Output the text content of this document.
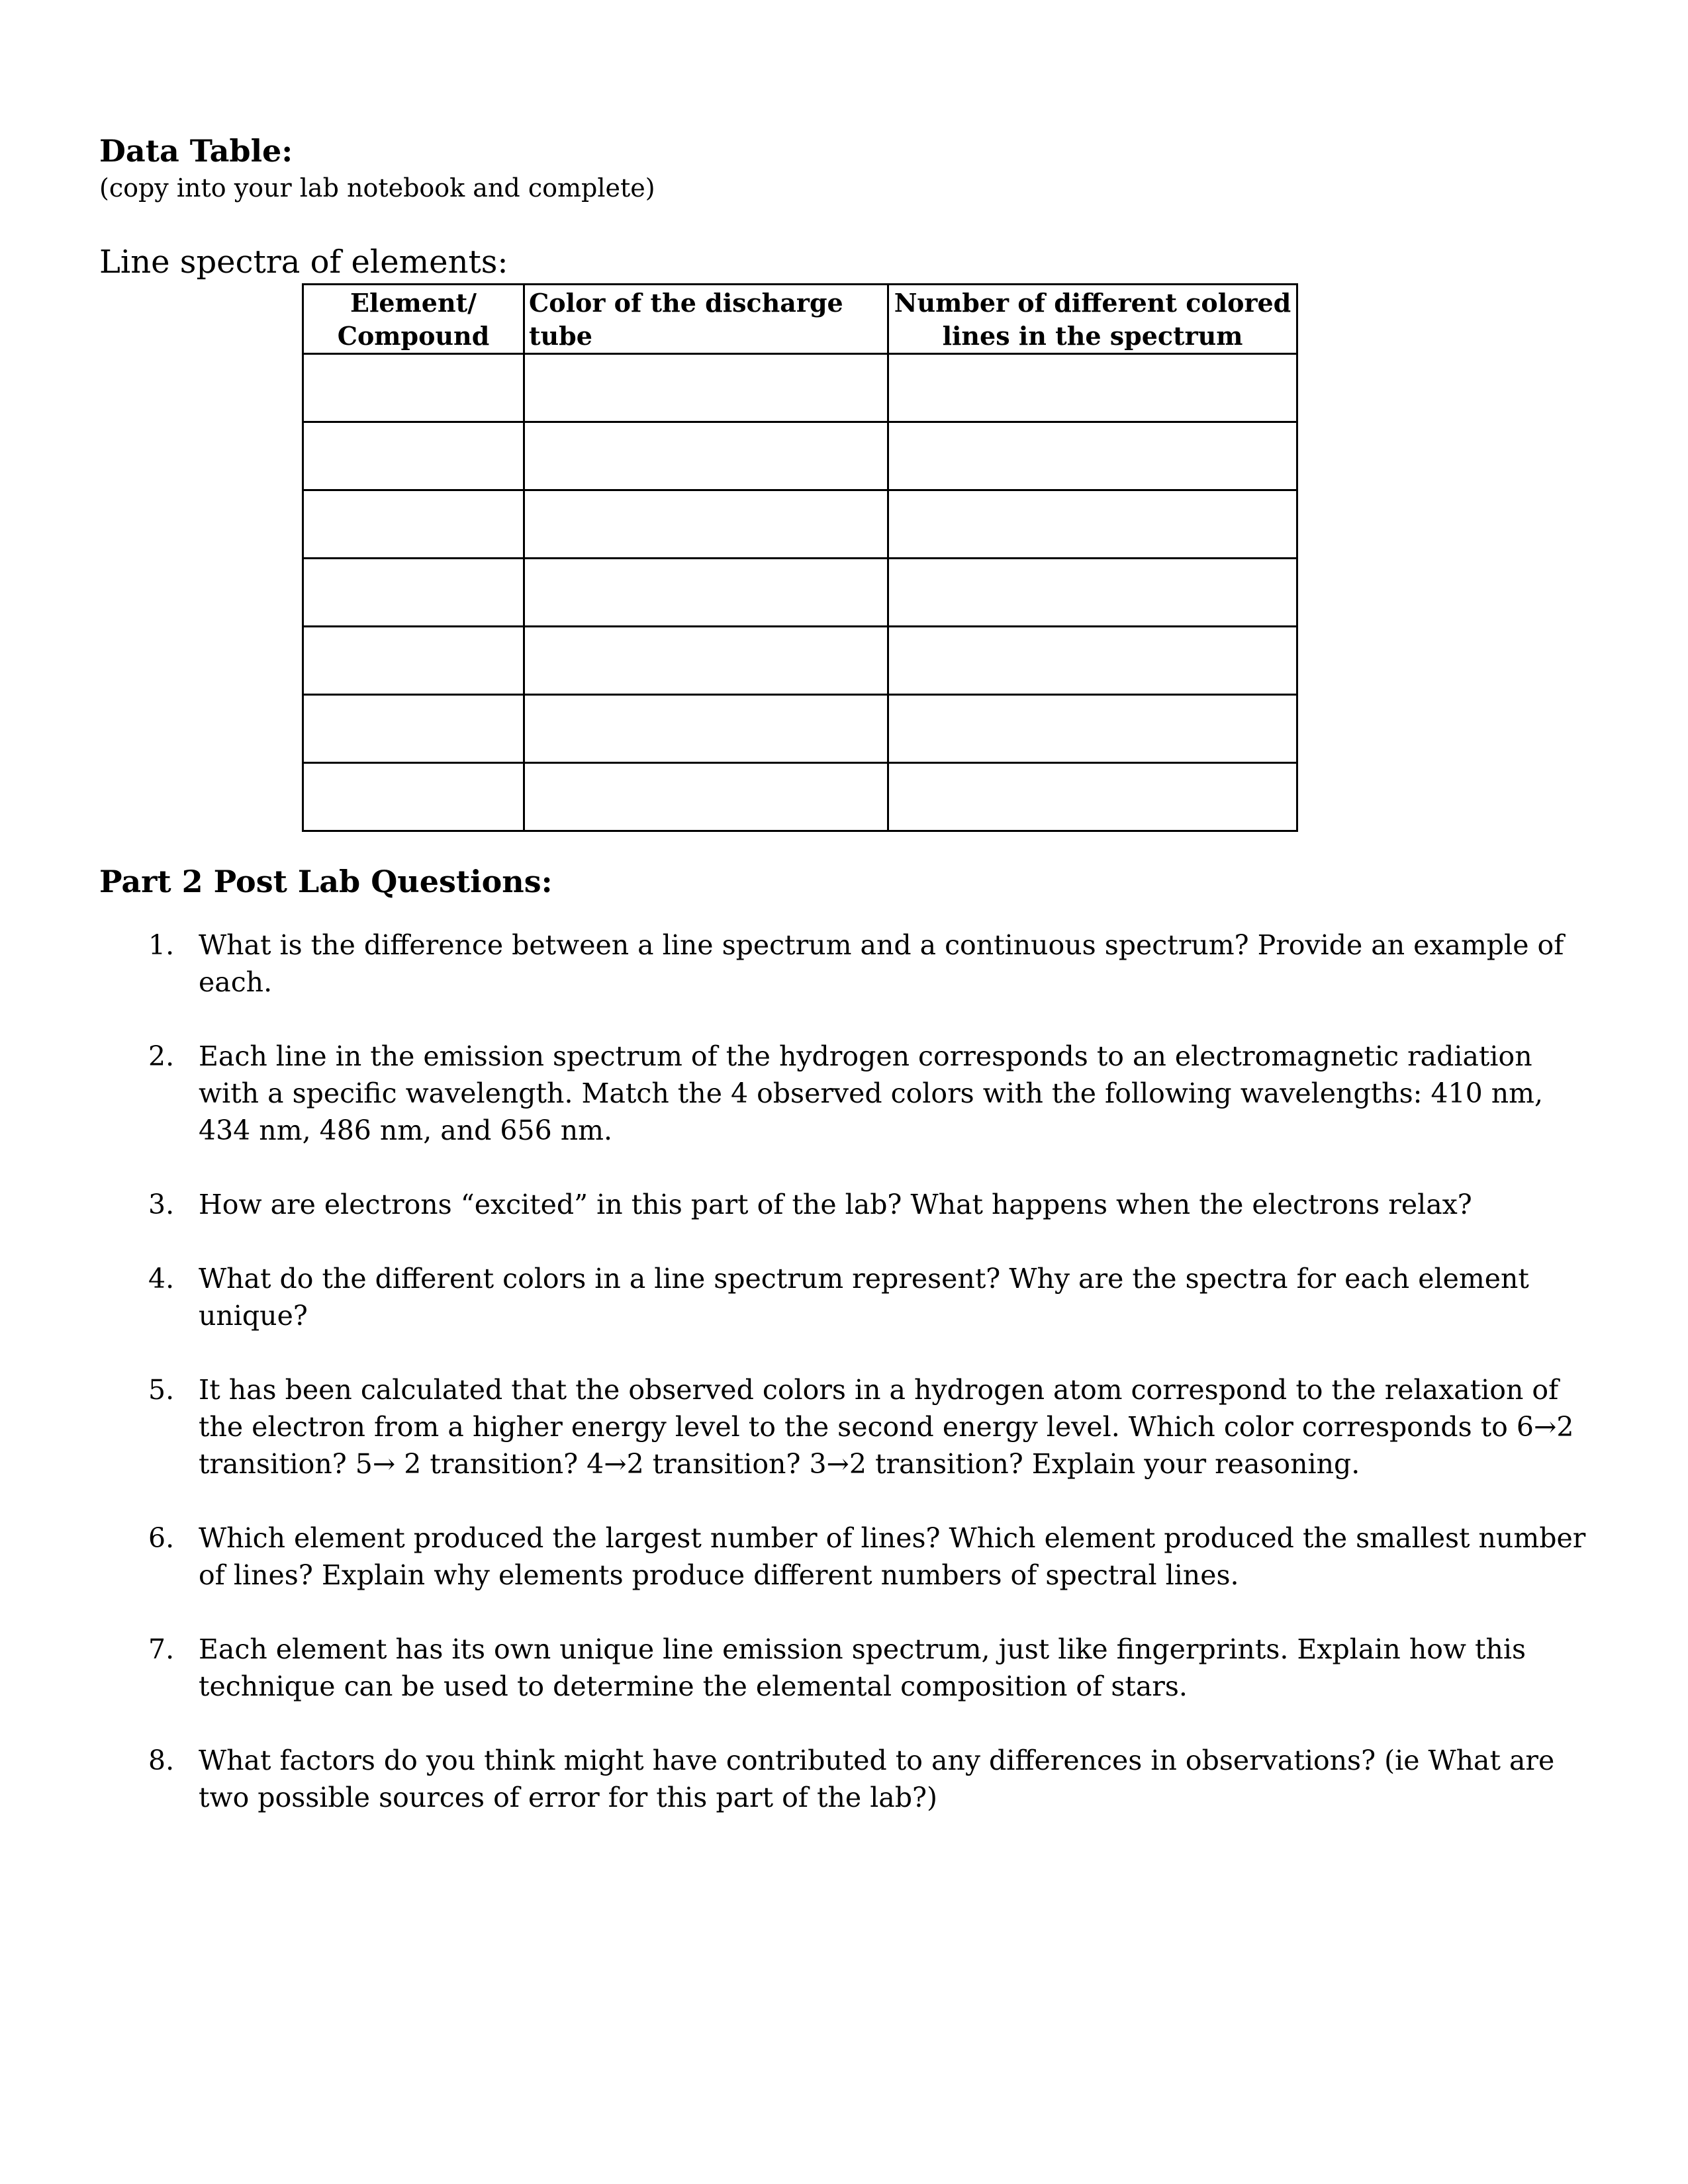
Data Table:

(copy into your lab notebook and complete)

Line spectra of elements:

Element/
Compound	Color of the discharge tube	Number of different colored lines in the spectrum

Part 2 Post Lab Questions:
1. What is the difference between a line spectrum and a continuous spectrum? Provide an example of each.
2. Each line in the emission spectrum of the hydrogen corresponds to an electromagnetic radiation with a specific wavelength. Match the 4 observed colors with the following wavelengths: 410 nm, 434 nm, 486 nm, and 656 nm.
3. How are electrons “excited” in this part of the lab? What happens when the electrons relax?
4. What do the different colors in a line spectrum represent? Why are the spectra for each element unique?
5. It has been calculated that the observed colors in a hydrogen atom correspond to the relaxation of the electron from a higher energy level to the second energy level. Which color corresponds to 6→2 transition? 5→ 2 transition? 4→2 transition? 3→2 transition? Explain your reasoning.
6. Which element produced the largest number of lines? Which element produced the smallest number of lines? Explain why elements produce different numbers of spectral lines.
7. Each element has its own unique line emission spectrum, just like fingerprints. Explain how this technique can be used to determine the elemental composition of stars.
8. What factors do you think might have contributed to any differences in observations? (ie What are two possible sources of error for this part of the lab?)
